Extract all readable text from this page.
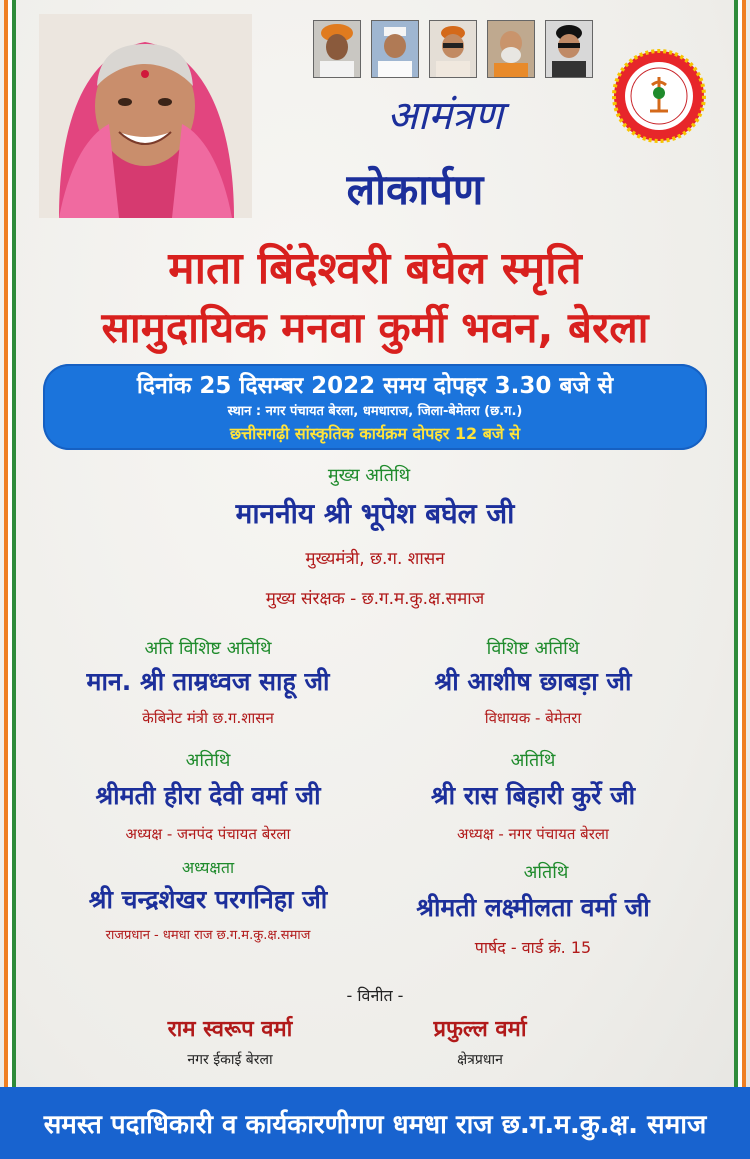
आमंत्रण
लोकार्पण
माता बिंदेश्वरी बघेल स्मृति
सामुदायिक मनवा कुर्मी भवन, बेरला
दिनांक 25 दिसम्बर 2022 समय दोपहर 3.30 बजे से
स्थान : नगर पंचायत बेरला, धमधाराज, जिला-बेमेतरा (छ.ग.)
छत्तीसगढ़ी सांस्कृतिक कार्यक्रम दोपहर 12 बजे से
मुख्य अतिथि
माननीय श्री भूपेश बघेल जी
मुख्यमंत्री, छ.ग. शासन
मुख्य संरक्षक - छ.ग.म.कु.क्ष.समाज
अति विशिष्ट अतिथि
मान. श्री ताम्रध्वज साहू जी
केबिनेट मंत्री छ.ग.शासन
अतिथि
श्रीमती हीरा देवी वर्मा जी
अध्यक्ष - जनपंद पंचायत बेरला
अध्यक्षता
श्री चन्द्रशेखर परगनिहा जी
राजप्रधान - धमधा राज छ.ग.म.कु.क्ष.समाज
विशिष्ट अतिथि
श्री आशीष छाबड़ा जी
विधायक - बेमेतरा
अतिथि
श्री रास बिहारी कुर्रे जी
अध्यक्ष - नगर पंचायत बेरला
अतिथि
श्रीमती लक्ष्मीलता वर्मा जी
पार्षद - वार्ड क्रं. 15
- विनीत -
राम स्वरूप वर्मा
नगर ईकाई बेरला
प्रफुल्ल वर्मा
क्षेत्रप्रधान
समस्त पदाधिकारी व कार्यकारणीगण धमधा राज छ.ग.म.कु.क्ष. समाज
